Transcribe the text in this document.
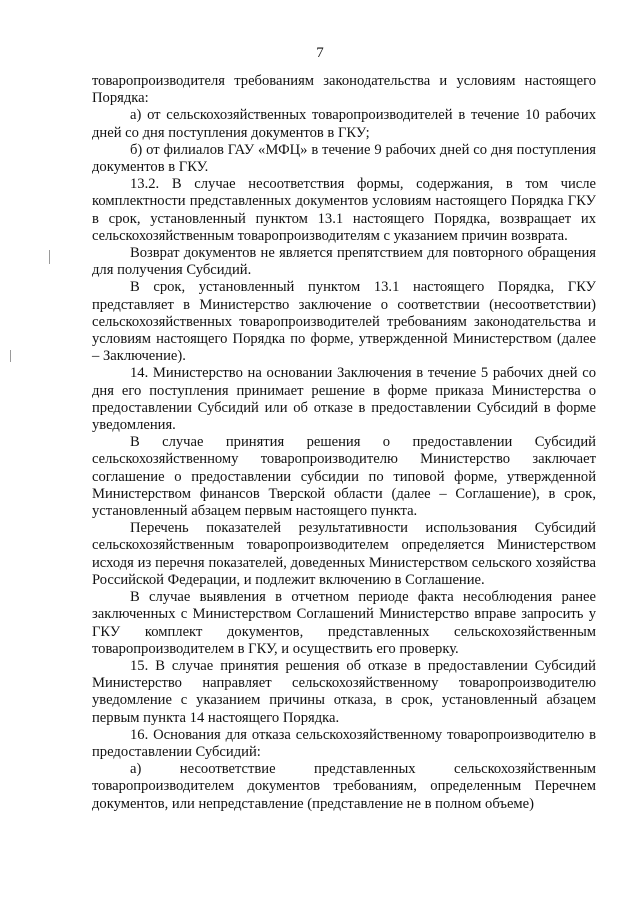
7

товаропроизводителя требованиям законодательства и условиям настоящего Порядка:

а) от сельскохозяйственных товаропроизводителей в течение 10 рабочих дней со дня поступления документов в ГКУ;

б) от филиалов ГАУ «МФЦ» в течение 9 рабочих дней со дня поступления документов в ГКУ.

13.2. В случае несоответствия формы, содержания, в том числе комплектности представленных документов условиям настоящего Порядка ГКУ в срок, установленный пунктом 13.1 настоящего Порядка, возвращает их сельскохозяйственным товаропроизводителям с указанием причин возврата.

Возврат документов не является препятствием для повторного обращения для получения Субсидий.

В срок, установленный пунктом 13.1 настоящего Порядка, ГКУ представляет в Министерство заключение о соответствии (несоответствии) сельскохозяйственных товаропроизводителей требованиям законодательства и условиям настоящего Порядка по форме, утвержденной Министерством (далее – Заключение).

14. Министерство на основании Заключения в течение 5 рабочих дней со дня его поступления принимает решение в форме приказа Министерства о предоставлении Субсидий или об отказе в предоставлении Субсидий в форме уведомления.

В случае принятия решения о предоставлении Субсидий сельскохозяйственному товаропроизводителю Министерство заключает соглашение о предоставлении субсидии по типовой форме, утвержденной Министерством финансов Тверской области (далее – Соглашение), в срок, установленный абзацем первым настоящего пункта.

Перечень показателей результативности использования Субсидий сельскохозяйственным товаропроизводителем определяется Министерством исходя из перечня показателей, доведенных Министерством сельского хозяйства Российской Федерации, и подлежит включению в Соглашение.

В случае выявления в отчетном периоде факта несоблюдения ранее заключенных с Министерством Соглашений Министерство вправе запросить у ГКУ комплект документов, представленных сельскохозяйственным товаропроизводителем в ГКУ, и осуществить его проверку.

15. В случае принятия решения об отказе в предоставлении Субсидий Министерство направляет сельскохозяйственному товаропроизводителю уведомление с указанием причины отказа, в срок, установленный абзацем первым пункта 14 настоящего Порядка.

16. Основания для отказа сельскохозяйственному товаропроизводителю в предоставлении Субсидий:

а) несоответствие представленных сельскохозяйственным товаропроизводителем документов требованиям, определенным Перечнем документов, или непредставление (представление не в полном объеме)
